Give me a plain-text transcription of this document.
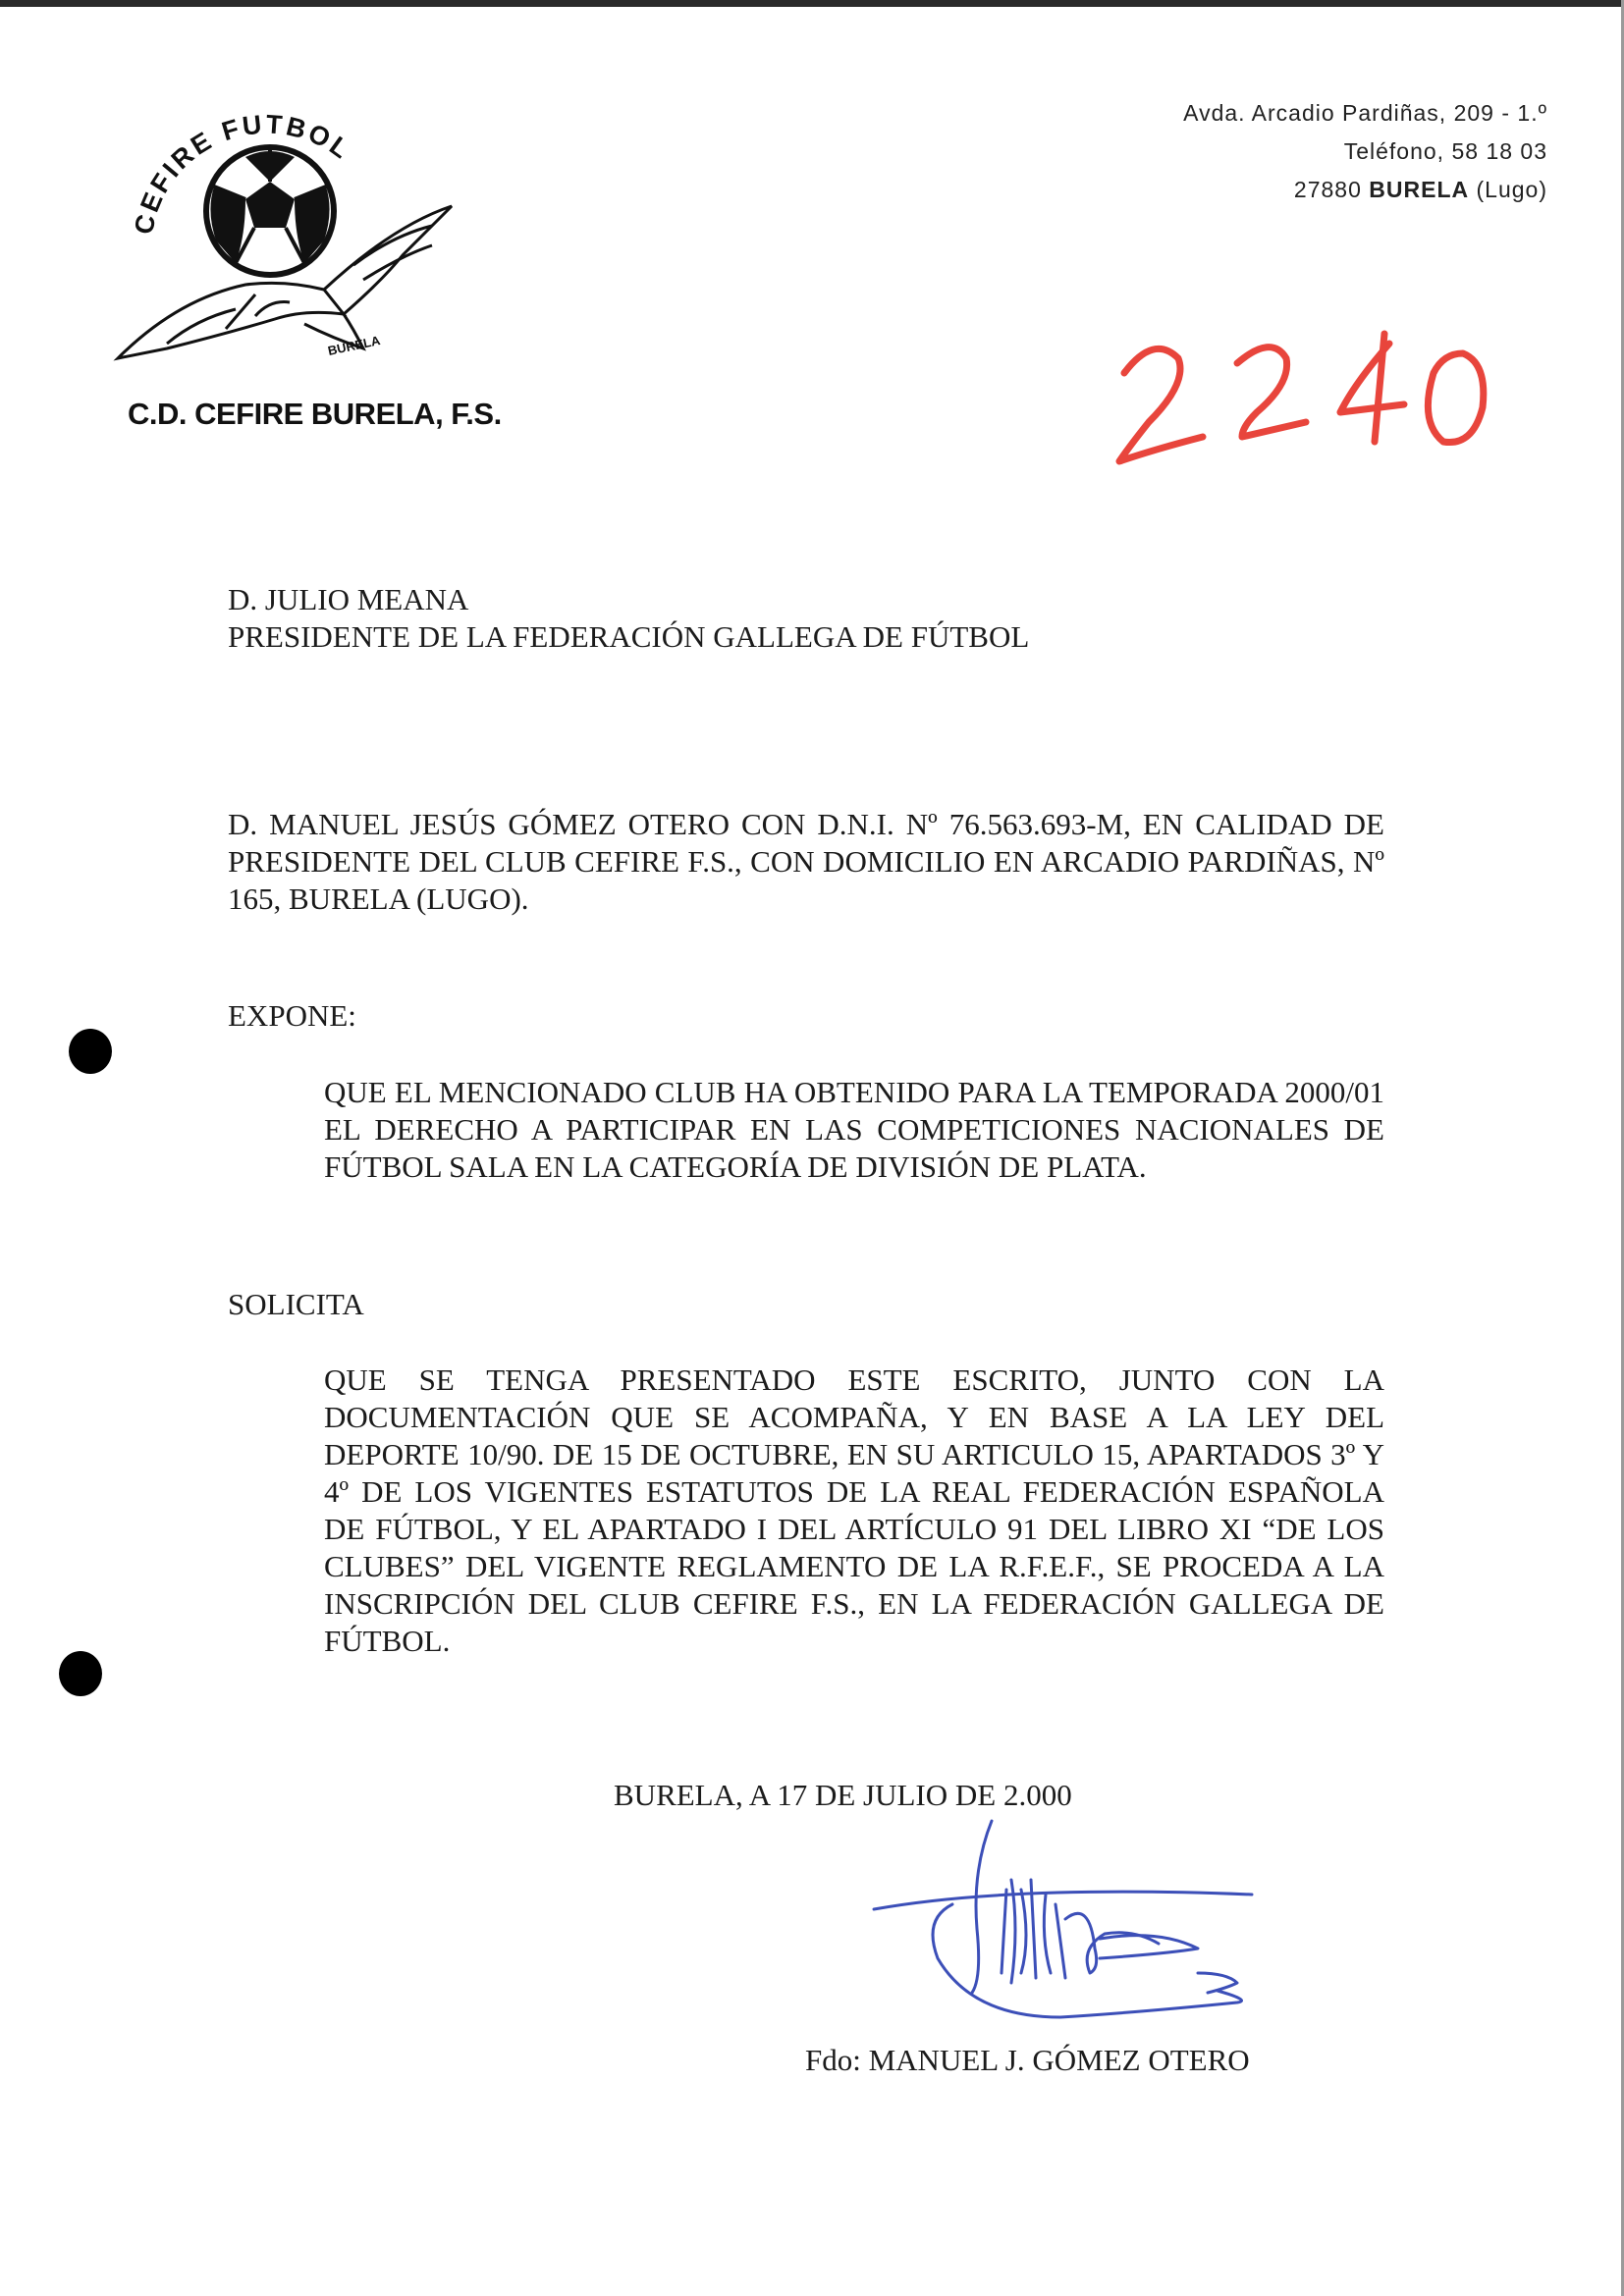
CEFIRE FUTBOL
BURELA
C.D. CEFIRE BURELA, F.S.
Avda. Arcadio Pardiñas, 209 - 1.º
Teléfono, 58 18 03
27880 BURELA (Lugo)
D. JULIO MEANA
PRESIDENTE DE LA FEDERACIÓN GALLEGA DE FÚTBOL
D. MANUEL JESÚS GÓMEZ OTERO CON D.N.I. Nº 76.563.693-M, EN CALIDAD DE PRESIDENTE DEL CLUB CEFIRE F.S., CON DOMICILIO EN ARCADIO PARDIÑAS, Nº 165, BURELA (LUGO).
EXPONE:
QUE EL MENCIONADO CLUB HA OBTENIDO PARA LA TEMPORADA 2000/01 EL DERECHO A PARTICIPAR EN LAS COMPETICIONES NACIONALES DE FÚTBOL SALA EN LA CATEGORÍA DE DIVISIÓN DE PLATA.
SOLICITA
QUE SE TENGA PRESENTADO ESTE ESCRITO, JUNTO CON LA DOCUMENTACIÓN QUE SE ACOMPAÑA, Y EN BASE A LA LEY DEL DEPORTE 10/90. DE 15 DE OCTUBRE, EN SU ARTICULO 15, APARTADOS 3º Y 4º DE LOS VIGENTES ESTATUTOS DE LA REAL FEDERACIÓN ESPAÑOLA DE FÚTBOL, Y EL APARTADO I DEL ARTÍCULO 91 DEL LIBRO XI “DE LOS CLUBES” DEL VIGENTE REGLAMENTO DE LA R.F.E.F., SE PROCEDA A LA INSCRIPCIÓN DEL CLUB CEFIRE F.S., EN LA FEDERACIÓN GALLEGA DE FÚTBOL.
BURELA, A 17 DE JULIO DE 2.000
Fdo: MANUEL J. GÓMEZ OTERO
